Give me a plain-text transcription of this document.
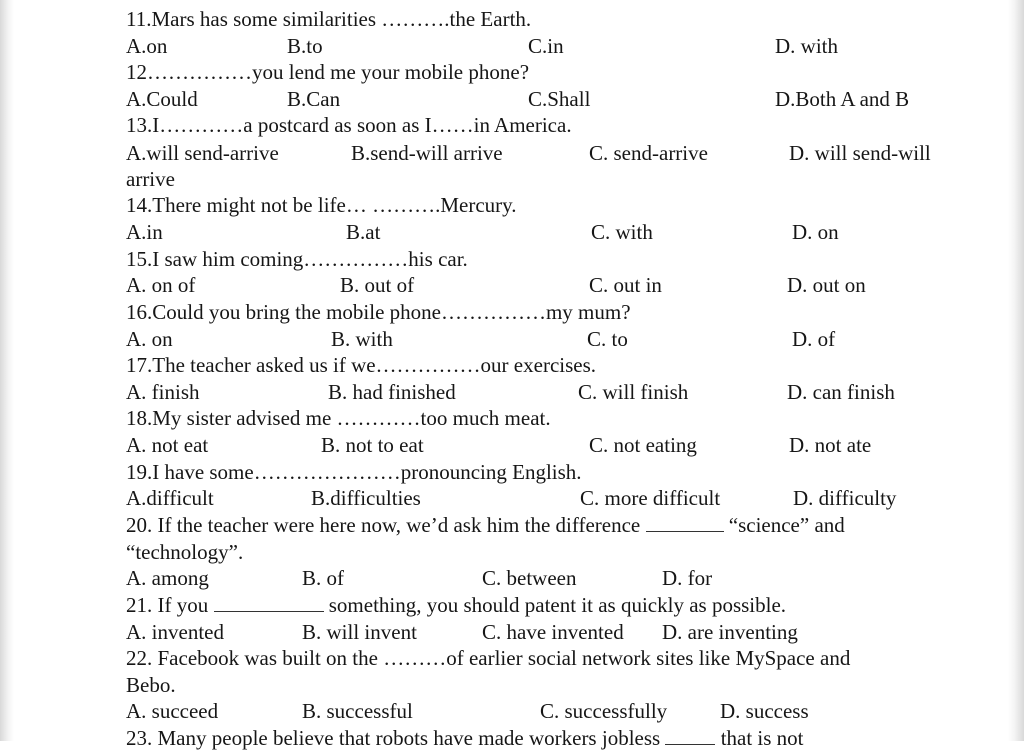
11.Mars has some similarities ……….the Earth.
A.on	B.to	C.in	D. with
12……………you lend me your mobile phone?
A.Could	B.Can	C.Shall	D.Both A and B
13.I…………a postcard as soon as I……in America.
A.will send-arrive	B.send-will arrive	C. send-arrive	D. will send-will
arrive
14.There might not be life… ……….Mercury.
A.in	B.at	C. with	D. on
15.I saw him coming……………his car.
A. on of	B. out of	C. out in	D. out on
16.Could you bring the mobile phone……………my mum?
A. on	B. with	C. to	D. of
17.The teacher asked us if we……………our exercises.
A. finish	B. had finished	C. will finish	D. can finish
18.My sister advised me …………too much meat.
A. not eat	B. not to eat	C. not eating	D. not ate
19.I have some…………………pronouncing English.
A.difficult	B.difficulties	C. more difficult	D. difficulty
20. If the teacher were here now, we’d ask him the difference	“science” and
“technology”.
A. among	B. of	C. between	D. for
21. If you	something, you should patent it as quickly as possible.
A. invented	B. will invent	C. have invented D. are inventing
22. Facebook was built on the ………of earlier social network sites like MySpace and
Bebo.
A. succeed	B. successful	C. successfully	D. success
23. Many people believe that robots have made workers jobless	that is not
